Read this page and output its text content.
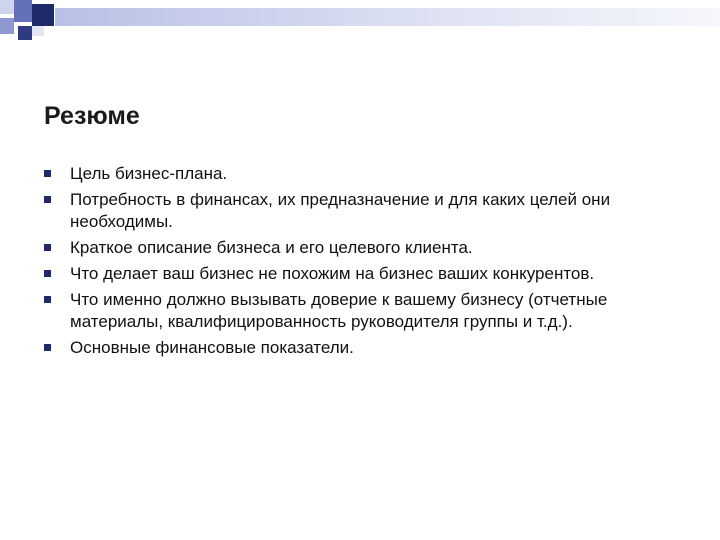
Резюме
Цель бизнес-плана.
Потребность в финансах, их предназначение и для каких целей они необходимы.
Краткое описание бизнеса и его целевого клиента.
Что делает ваш бизнес не похожим на бизнес ваших конкурентов.
Что именно должно вызывать доверие к вашему бизнесу (отчетные материалы, квалифицированность руководителя группы и т.д.).
Основные финансовые показатели.
